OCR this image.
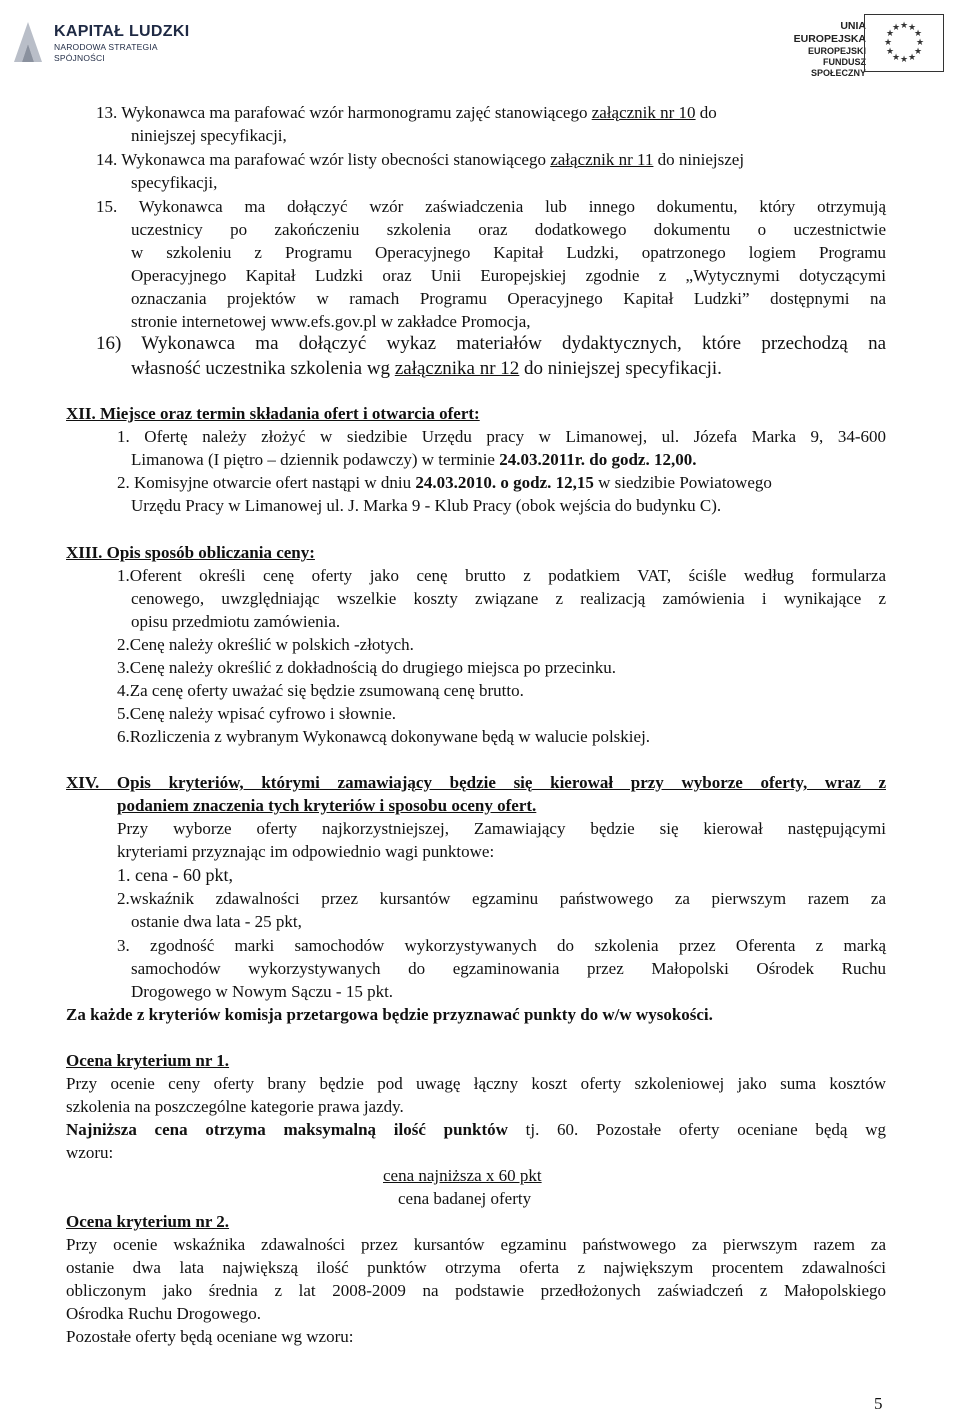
KAPITAŁ LUDZKI
NARODOWA STRATEGIA SPÓJNOŚCI
UNIA EUROPEJSKA
EUROPEJSKI
FUNDUSZ SPOŁECZNY
★ ★
★
★
★
★
★
★
★
★
★
★
13. Wykonawca ma parafować wzór harmonogramu zajęć stanowiącego załącznik nr 10 do
niniejszej specyfikacji,
14. Wykonawca ma parafować wzór listy obecności stanowiącego załącznik nr 11 do niniejszej
specyfikacji,
15. Wykonawca ma dołączyć wzór zaświadczenia lub innego dokumentu, który otrzymują
uczestnicy po zakończeniu szkolenia oraz dodatkowego dokumentu o uczestnictwie
w szkoleniu z Programu Operacyjnego Kapitał Ludzki, opatrzonego logiem Programu
Operacyjnego Kapitał Ludzki oraz Unii Europejskiej zgodnie z „Wytycznymi dotyczącymi
oznaczania projektów w ramach Programu Operacyjnego Kapitał Ludzki” dostępnymi na
stronie internetowej www.efs.gov.pl w zakładce Promocja,
16) Wykonawca ma dołączyć wykaz materiałów dydaktycznych, które przechodzą na
własność uczestnika szkolenia wg załącznika nr 12 do niniejszej specyfikacji.
XII. Miejsce oraz termin składania ofert i otwarcia ofert:
1. Ofertę należy złożyć w siedzibie Urzędu pracy w Limanowej, ul. Józefa Marka 9, 34-600
Limanowa (I piętro – dziennik podawczy) w terminie 24.03.2011r. do godz. 12,00.
2. Komisyjne otwarcie ofert nastąpi w dniu 24.03.2010. o godz. 12,15 w siedzibie Powiatowego
Urzędu Pracy w Limanowej ul. J. Marka 9 - Klub Pracy (obok wejścia do budynku C).
XIII. Opis sposób obliczania ceny:
1.Oferent określi cenę oferty jako cenę brutto z podatkiem VAT, ściśle według formularza
cenowego, uwzględniając wszelkie koszty związane z realizacją zamówienia i wynikające z
opisu przedmiotu zamówienia.
2.Cenę należy określić w polskich -złotych.
3.Cenę należy określić z dokładnością do drugiego miejsca po przecinku.
4.Za cenę oferty uważać się będzie zsumowaną cenę brutto.
5.Cenę należy wpisać cyfrowo i słownie.
6.Rozliczenia z wybranym Wykonawcą dokonywane będą w walucie polskiej.
XIV. Opis kryteriów, którymi zamawiający będzie się kierował przy wyborze oferty, wraz z
podaniem znaczenia tych kryteriów i sposobu oceny ofert.
Przy wyborze oferty najkorzystniejszej, Zamawiający będzie się kierował następującymi
kryteriami przyznając im odpowiednio wagi punktowe:
1. cena - 60 pkt,
2.wskaźnik zdawalności przez kursantów egzaminu państwowego za pierwszym razem za
ostanie dwa lata - 25 pkt,
3. zgodność marki samochodów wykorzystywanych do szkolenia przez Oferenta z marką
samochodów wykorzystywanych do egzaminowania przez Małopolski Ośrodek Ruchu
Drogowego w Nowym Sączu - 15 pkt.
Za każde z kryteriów komisja przetargowa będzie przyznawać punkty do w/w wysokości.
Ocena kryterium nr 1.
Przy ocenie ceny oferty brany będzie pod uwagę łączny koszt oferty szkoleniowej jako suma kosztów
szkolenia na poszczególne kategorie prawa jazdy.
Najniższa cena otrzyma maksymalną ilość punktów tj. 60. Pozostałe oferty oceniane będą wg
wzoru:
cena najniższa x 60 pkt
cena badanej oferty
Ocena kryterium nr 2.
Przy ocenie wskaźnika zdawalności przez kursantów egzaminu państwowego za pierwszym razem za
ostanie dwa lata największą ilość punktów otrzyma oferta z największym procentem zdawalności
obliczonym jako średnia z lat 2008-2009 na podstawie przedłożonych zaświadczeń z Małopolskiego
Ośrodka Ruchu Drogowego.
Pozostałe oferty będą oceniane wg wzoru:
5
